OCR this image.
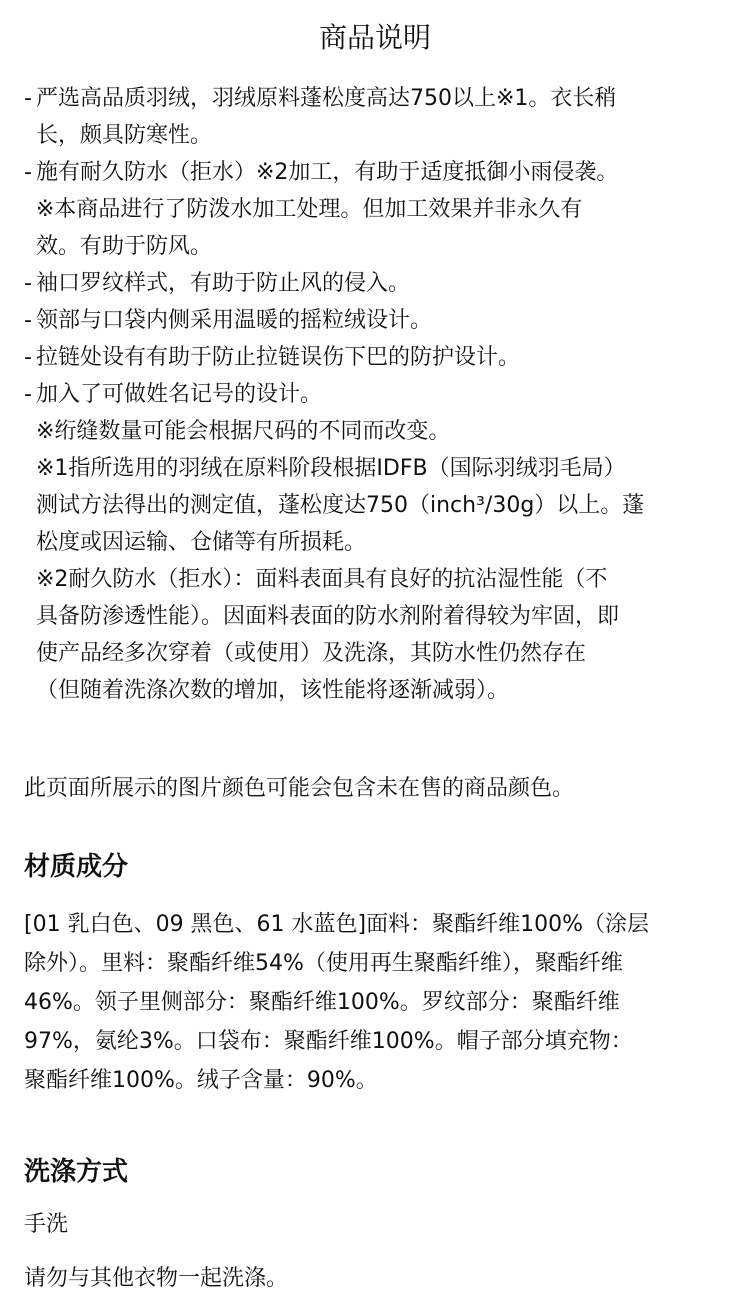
商品说明
- 严选高品质羽绒，羽绒原料蓬松度高达750以上※1。衣长稍
长，颇具防寒性。
- 施有耐久防水（拒水）※2加工，有助于适度抵御小雨侵袭。
※本商品进行了防泼水加工处理。但加工效果并非永久有
效。有助于防风。
- 袖口罗纹样式，有助于防止风的侵入。
- 领部与口袋内侧采用温暖的摇粒绒设计。
- 拉链处设有有助于防止拉链误伤下巴的防护设计。
- 加入了可做姓名记号的设计。
※绗缝数量可能会根据尺码的不同而改变。
※1指所选用的羽绒在原料阶段根据IDFB（国际羽绒羽毛局）
测试方法得出的测定值，蓬松度达750（inch³/30g）以上。蓬
松度或因运输、仓储等有所损耗。
※2耐久防水（拒水）：面料表面具有良好的抗沾湿性能（不
具备防渗透性能）。因面料表面的防水剂附着得较为牢固，即
使产品经多次穿着（或使用）及洗涤，其防水性仍然存在
（但随着洗涤次数的增加，该性能将逐渐减弱）。
此页面所展示的图片颜色可能会包含未在售的商品颜色。
材质成分
[01 乳白色、09 黑色、61 水蓝色]面料：聚酯纤维100%（涂层
除外）。里料：聚酯纤维54%（使用再生聚酯纤维），聚酯纤维
46%。领子里侧部分：聚酯纤维100%。罗纹部分：聚酯纤维
97%，氨纶3%。口袋布：聚酯纤维100%。帽子部分填充物：
聚酯纤维100%。绒子含量：90%。
洗涤方式
手洗
请勿与其他衣物一起洗涤。
